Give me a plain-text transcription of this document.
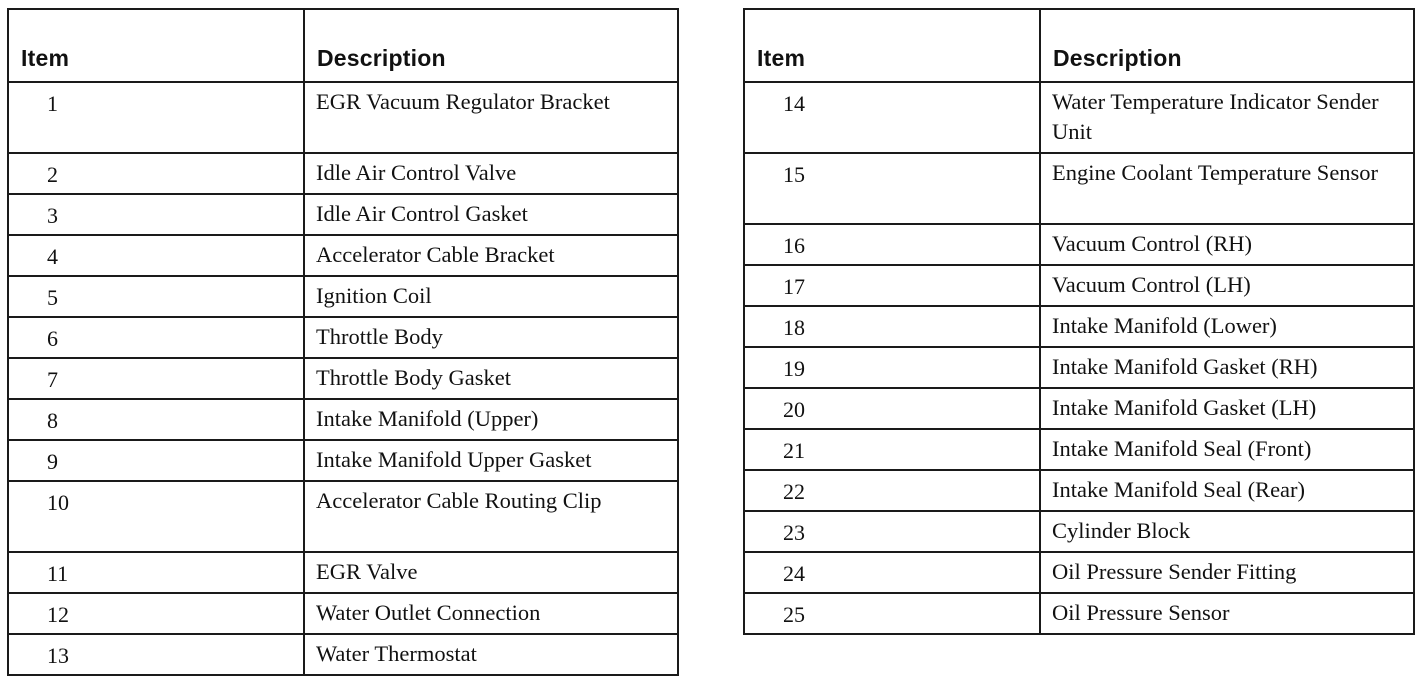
Item	Description
1	EGR Vacuum Regulator Bracket
2	Idle Air Control Valve
3	Idle Air Control Gasket
4	Accelerator Cable Bracket
5	Ignition Coil
6	Throttle Body
7	Throttle Body Gasket
8	Intake Manifold (Upper)
9	Intake Manifold Upper Gasket
10	Accelerator Cable Routing Clip
11	EGR Valve
12	Water Outlet Connection
13	Water Thermostat
Item	Description
14	Water Temperature Indicator Sender Unit
15	Engine Coolant Temperature Sensor
16	Vacuum Control (RH)
17	Vacuum Control (LH)
18	Intake Manifold (Lower)
19	Intake Manifold Gasket (RH)
20	Intake Manifold Gasket (LH)
21	Intake Manifold Seal (Front)
22	Intake Manifold Seal (Rear)
23	Cylinder Block
24	Oil Pressure Sender Fitting
25	Oil Pressure Sensor
